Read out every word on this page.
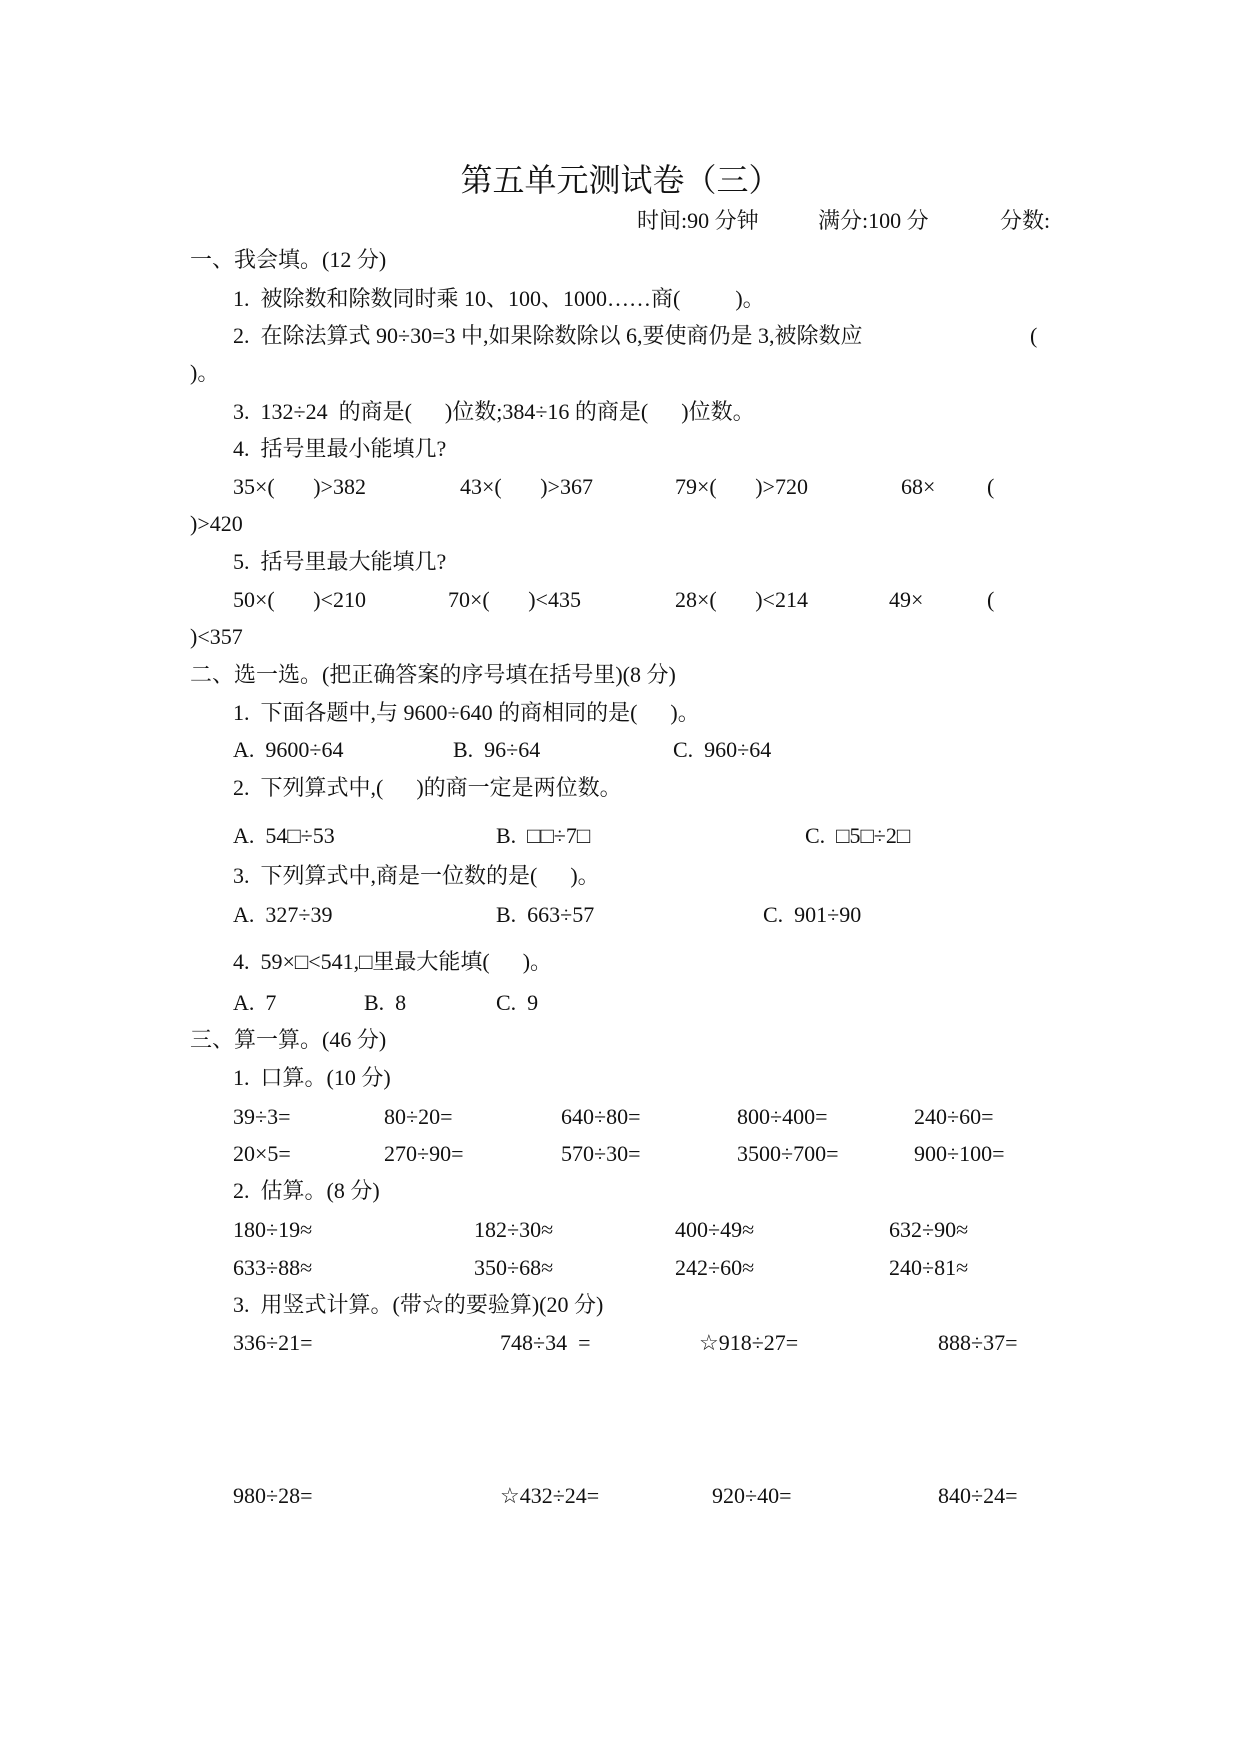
第五单元测试卷（三）
时间:90 分钟	满分:100 分	分数:
一、我会填。(12 分)
1.  被除数和除数同时乘 10、100、1000……商(          )。
2.  在除法算式 90÷30=3 中,如果除数除以 6,要使商仍是 3,被除数应	(
)。
3.  132÷24  的商是(      )位数;384÷16 的商是(      )位数。
4.  括号里最小能填几?
35×(       )>382	43×(       )>367	79×(       )>720	68× (
)>420
5.  括号里最大能填几?
50×(       )<210	70×(       )<435	28×(       )<214	49×	(
)<357
二、选一选。(把正确答案的序号填在括号里)(8 分)
1.  下面各题中,与 9600÷640 的商相同的是(      )。
A.  9600÷64	B.  96÷64	C.  960÷64
2.  下列算式中,(      )的商一定是两位数。
A.  54□÷53	B.  □□÷7□	C.  □5□÷2□
3.  下列算式中,商是一位数的是(      )。
A.  327÷39	B.  663÷57	C.  901÷90
4.  59×□<541,□里最大能填(      )。
A.  7	B.  8	C.  9
三、算一算。(46 分)
1.  口算。(10 分)
39÷3=	80÷20=	640÷80=	800÷400=	240÷60=
20×5=	270÷90=	570÷30=	3500÷700=	900÷100=
2.  估算。(8 分)
180÷19≈	182÷30≈	400÷49≈	632÷90≈
633÷88≈	350÷68≈	242÷60≈	240÷81≈
3.  用竖式计算。(带☆的要验算)(20 分)
336÷21=	748÷34  =	☆918÷27=	888÷37=
980÷28=	☆432÷24=	920÷40=	840÷24=
